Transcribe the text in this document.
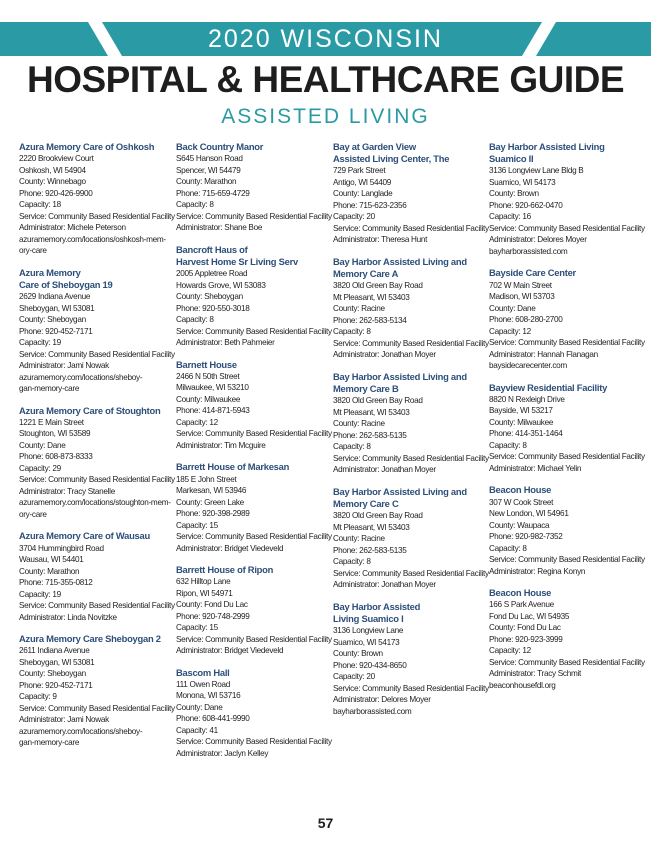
2020 WISCONSIN
HOSPITAL & HEALTHCARE GUIDE
ASSISTED LIVING
Azura Memory Care of Oshkosh
2220 Brookview Court
Oshkosh, WI 54904
County: Winnebago
Phone: 920-426-9900
Capacity: 18
Service: Community Based Residential Facility
Administrator: Michele Peterson
azuramemory.com/locations/oshkosh-mem-
ory-care
Azura Memory
Care of Sheboygan 19
2629 Indiana Avenue
Sheboygan, WI 53081
County: Sheboygan
Phone: 920-452-7171
Capacity: 19
Service: Community Based Residential Facility
Administrator: Jami Nowak
azuramemory.com/locations/sheboy-
gan-memory-care
Azura Memory Care of Stoughton
1221 E Main Street
Stoughton, WI 53589
County: Dane
Phone: 608-873-8333
Capacity: 29
Service: Community Based Residential Facility
Administrator: Tracy Stanelle
azuramemory.com/locations/stoughton-mem-
ory-care
Azura Memory Care of Wausau
3704 Hummingbird Road
Wausau, WI 54401
County: Marathon
Phone: 715-355-0812
Capacity: 19
Service: Community Based Residential Facility
Administrator: Linda Novitzke
Azura Memory Care Sheboygan 2
2611 Indiana Avenue
Sheboygan, WI 53081
County: Sheboygan
Phone: 920-452-7171
Capacity: 9
Service: Community Based Residential Facility
Administrator: Jami Nowak
azuramemory.com/locations/sheboy-
gan-memory-care
Back Country Manor
S645 Hanson Road
Spencer, WI 54479
County: Marathon
Phone: 715-659-4729
Capacity: 8
Service: Community Based Residential Facility
Administrator: Shane Boe
Bancroft Haus of
Harvest Home Sr Living Serv
2005 Appletree Road
Howards Grove, WI 53083
County: Sheboygan
Phone: 920-550-3018
Capacity: 8
Service: Community Based Residential Facility
Administrator: Beth Pahmeier
Barnett House
2466 N 50th Street
Milwaukee, WI 53210
County: Milwaukee
Phone: 414-871-5943
Capacity: 12
Service: Community Based Residential Facility
Administrator: Tim Mcguire
Barrett House of Markesan
185 E John Street
Markesan, WI 53946
County: Green Lake
Phone: 920-398-2989
Capacity: 15
Service: Community Based Residential Facility
Administrator: Bridget Viedeveld
Barrett House of Ripon
632 Hilltop Lane
Ripon, WI 54971
County: Fond Du Lac
Phone: 920-748-2999
Capacity: 15
Service: Community Based Residential Facility
Administrator: Bridget Viedeveld
Bascom Hall
111 Owen Road
Monona, WI 53716
County: Dane
Phone: 608-441-9990
Capacity: 41
Service: Community Based Residential Facility
Administrator: Jaclyn Kelley
Bay at Garden View
Assisted Living Center, The
729 Park Street
Antigo, WI 54409
County: Langlade
Phone: 715-623-2356
Capacity: 20
Service: Community Based Residential Facility
Administrator: Theresa Hunt
Bay Harbor Assisted Living and
Memory Care A
3820 Old Green Bay Road
Mt Pleasant, WI 53403
County: Racine
Phone: 262-583-5134
Capacity: 8
Service: Community Based Residential Facility
Administrator: Jonathan Moyer
Bay Harbor Assisted Living and
Memory Care B
3820 Old Green Bay Road
Mt Pleasant, WI 53403
County: Racine
Phone: 262-583-5135
Capacity: 8
Service: Community Based Residential Facility
Administrator: Jonathan Moyer
Bay Harbor Assisted Living and
Memory Care C
3820 Old Green Bay Road
Mt Pleasant, WI 53403
County: Racine
Phone: 262-583-5135
Capacity: 8
Service: Community Based Residential Facility
Administrator: Jonathan Moyer
Bay Harbor Assisted
Living Suamico I
3136 Longview Lane
Suamico, WI 54173
County: Brown
Phone: 920-434-8650
Capacity: 20
Service: Community Based Residential Facility
Administrator: Delores Moyer
bayharborassisted.com
Bay Harbor Assisted Living
Suamico II
3136 Longview Lane Bldg B
Suamico, WI 54173
County: Brown
Phone: 920-662-0470
Capacity: 16
Service: Community Based Residential Facility
Administrator: Delores Moyer
bayharborassisted.com
Bayside Care Center
702 W Main Street
Madison, WI 53703
County: Dane
Phone: 608-280-2700
Capacity: 12
Service: Community Based Residential Facility
Administrator: Hannah Flanagan
baysidecarecenter.com
Bayview Residential Facility
8820 N Rexleigh Drive
Bayside, WI 53217
County: Milwaukee
Phone: 414-351-1464
Capacity: 8
Service: Community Based Residential Facility
Administrator: Michael Yelin
Beacon House
307 W Cook Street
New London, WI 54961
County: Waupaca
Phone: 920-982-7352
Capacity: 8
Service: Community Based Residential Facility
Administrator: Regina Konyn
Beacon House
166 S Park Avenue
Fond Du Lac, WI 54935
County: Fond Du Lac
Phone: 920-923-3999
Capacity: 12
Service: Community Based Residential Facility
Administrator: Tracy Schmit
beaconhousefdl.org
57
